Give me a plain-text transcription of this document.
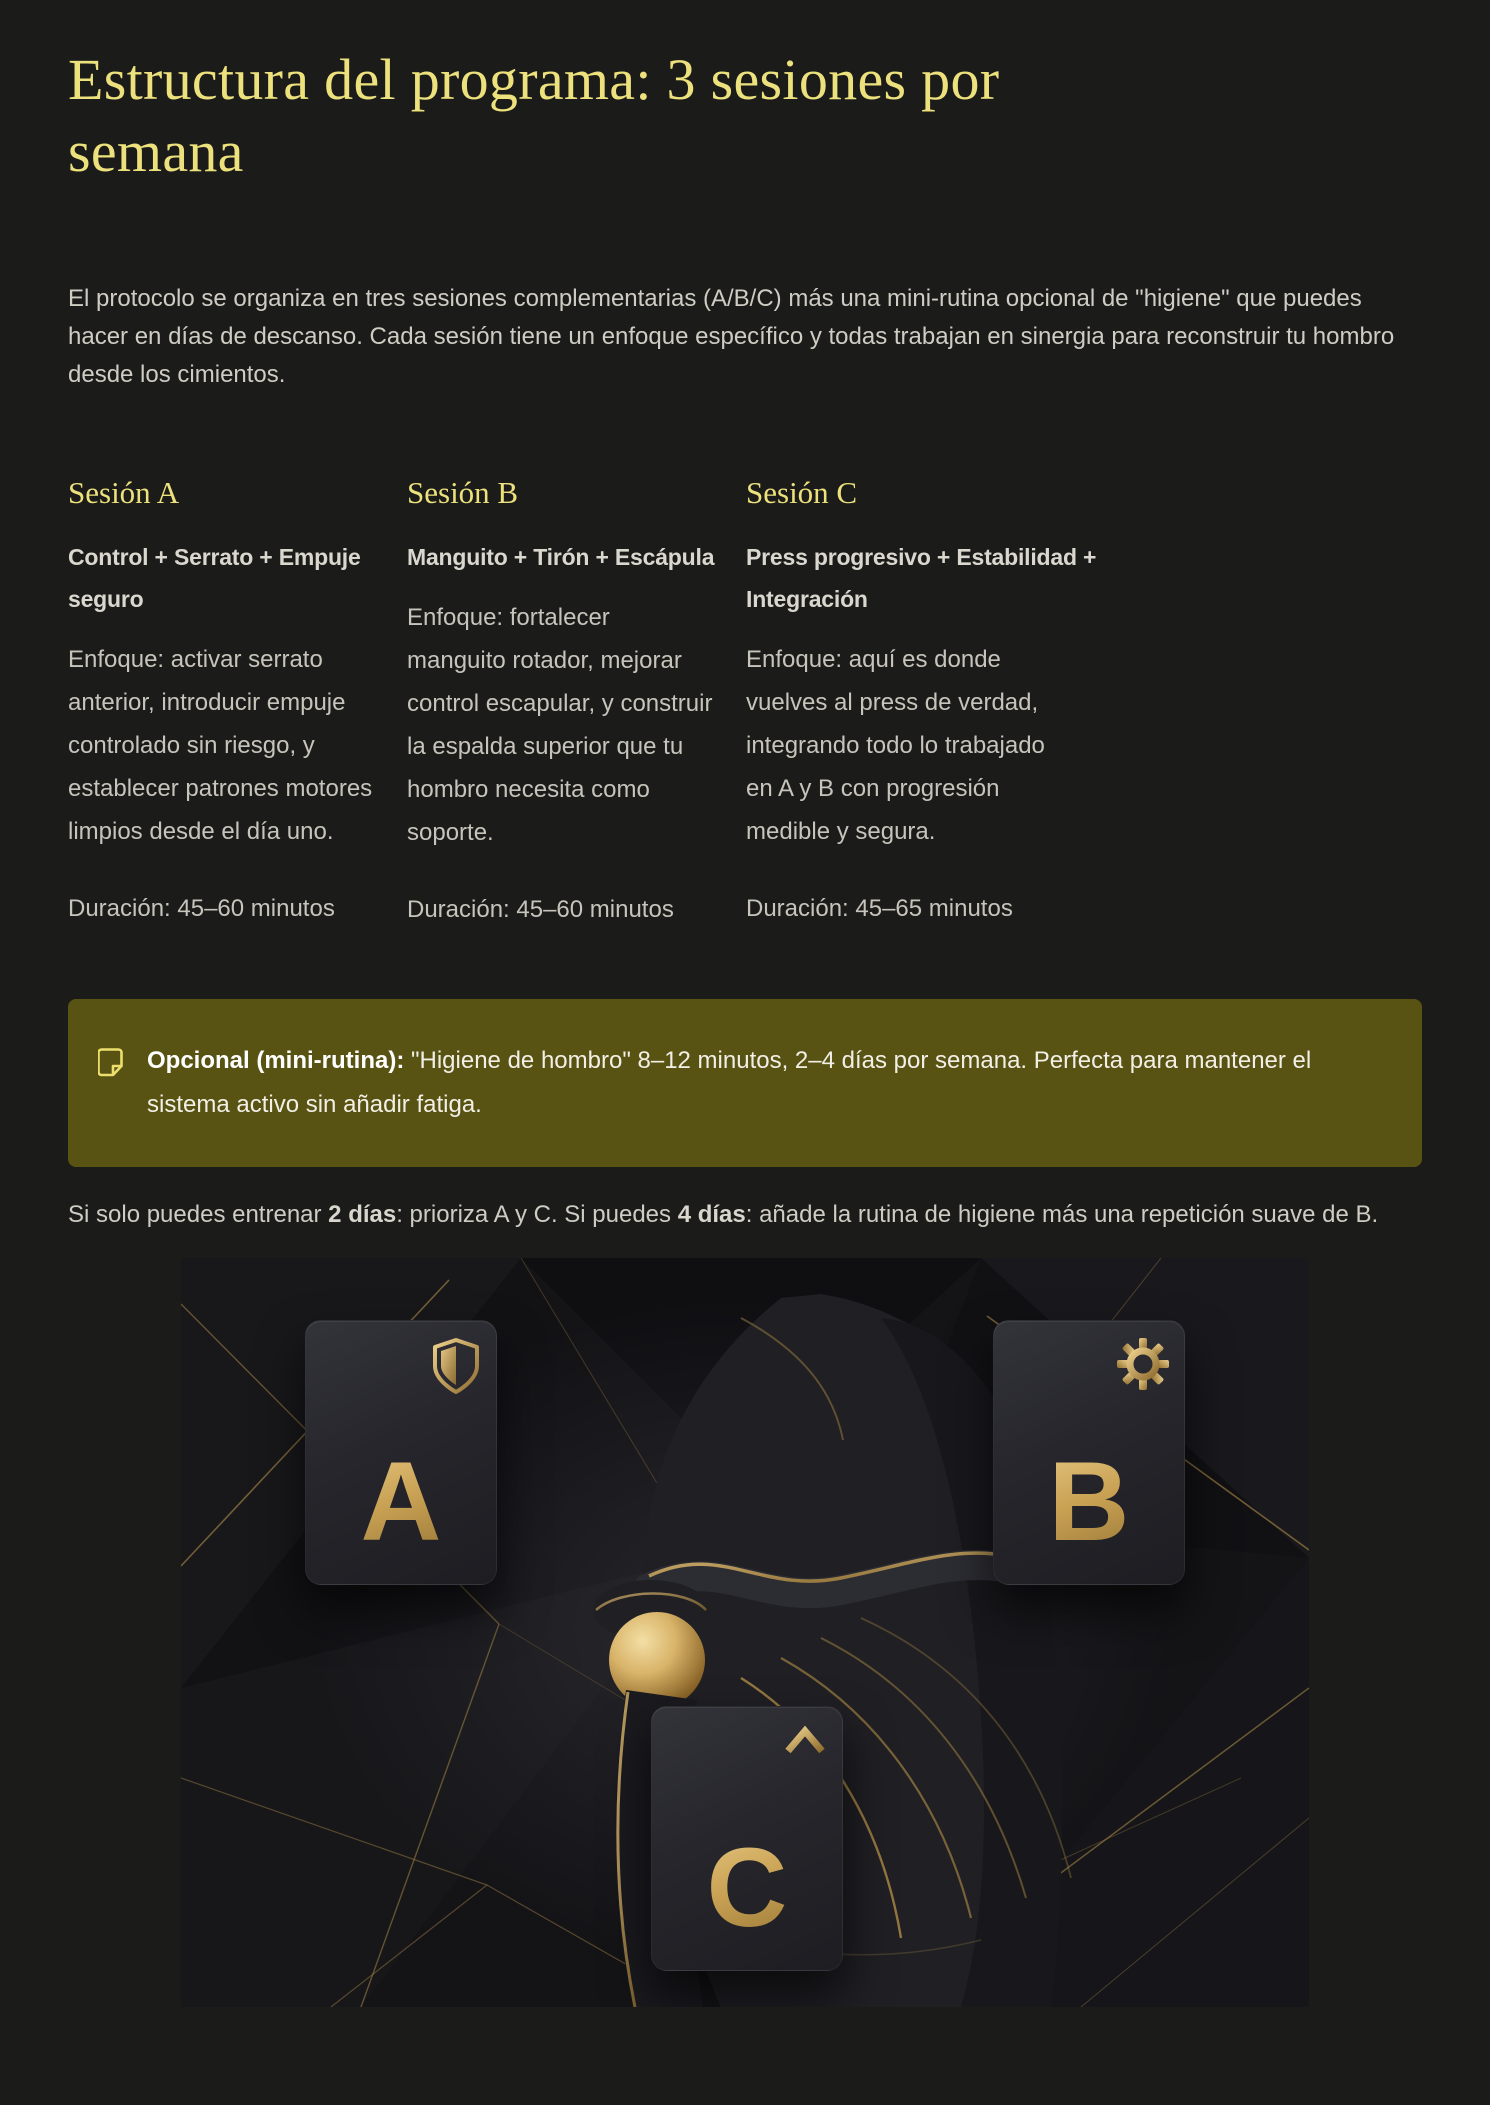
Estructura del programa: 3 sesiones por
semana

El protocolo se organiza en tres sesiones complementarias (A/B/C) más una mini-rutina opcional de "higiene" que puedes hacer en días de descanso. Cada sesión tiene un enfoque específico y todas trabajan en sinergia para reconstruir tu hombro desde los cimientos.

Sesión A
Control + Serrato + Empuje
seguro

Enfoque: activar serrato anterior, introducir empuje controlado sin riesgo, y establecer patrones motores limpios desde el día uno.

Duración: 45–60 minutos

Sesión B
Manguito + Tirón + Escápula

Enfoque: fortalecer manguito rotador, mejorar control escapular, y construir la espalda superior que tu hombro necesita como soporte.

Duración: 45–60 minutos

Sesión C
Press progresivo + Estabilidad +
Integración

Enfoque: aquí es donde vuelves al press de verdad, integrando todo lo trabajado en A y B con progresión medible y segura.

Duración: 45–65 minutos

Opcional (mini-rutina): "Higiene de hombro" 8–12 minutos, 2–4 días por semana. Perfecta para mantener el sistema activo sin añadir fatiga.

Si solo puedes entrenar 2 días: prioriza A y C. Si puedes 4 días: añade la rutina de higiene más una repetición suave de B.

A	B
C
